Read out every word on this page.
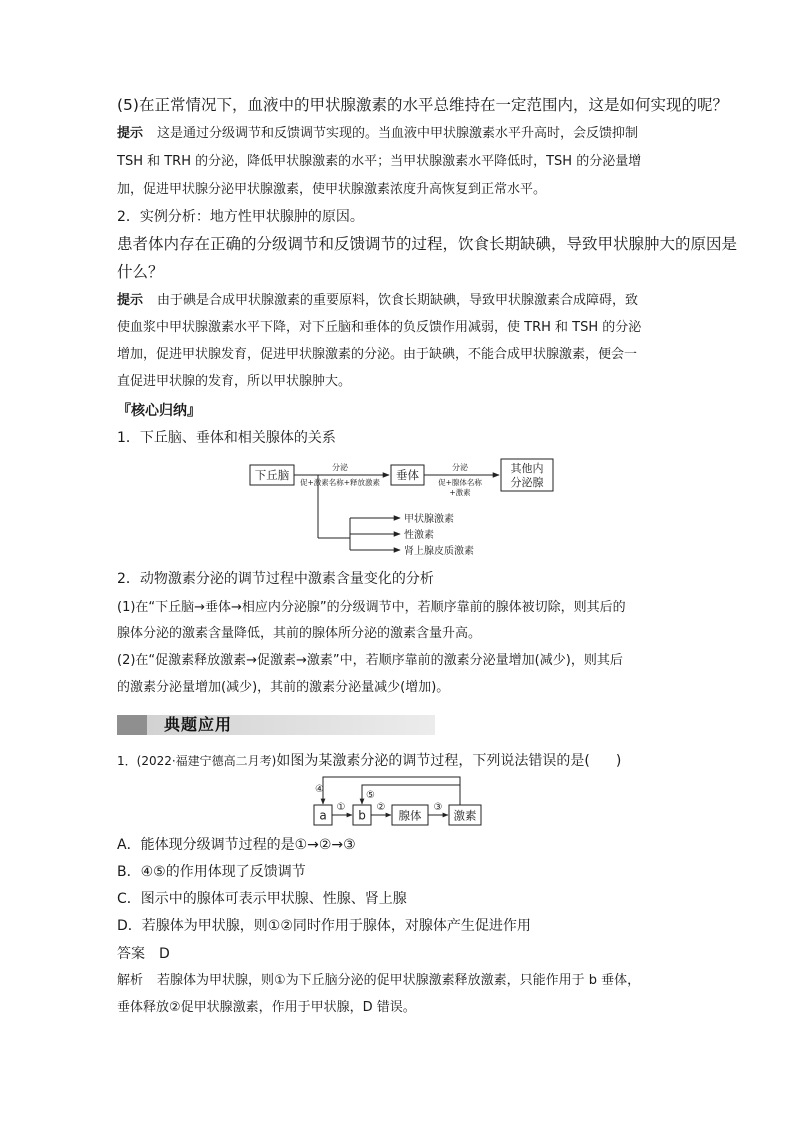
(5)在正常情况下，血液中的甲状腺激素的水平总维持在一定范围内，这是如何实现的呢？
提示 这是通过分级调节和反馈调节实现的。当血液中甲状腺激素水平升高时，会反馈抑制
TSH 和 TRH 的分泌，降低甲状腺激素的水平；当甲状腺激素水平降低时，TSH 的分泌量增
加，促进甲状腺分泌甲状腺激素，使甲状腺激素浓度升高恢复到正常水平。
2．实例分析：地方性甲状腺肿的原因。
患者体内存在正确的分级调节和反馈调节的过程，饮食长期缺碘，导致甲状腺肿大的原因是
什么？
提示 由于碘是合成甲状腺激素的重要原料，饮食长期缺碘，导致甲状腺激素合成障碍，致
使血浆中甲状腺激素水平下降，对下丘脑和垂体的负反馈作用减弱，使 TRH 和 TSH 的分泌
增加，促进甲状腺发育，促进甲状腺激素的分泌。由于缺碘，不能合成甲状腺激素，便会一
直促进甲状腺的发育，所以甲状腺肿大。
『核心归纳』
1．下丘脑、垂体和相关腺体的关系
下丘脑
分泌
促+激素名称+释放激素
垂体
分泌
促+腺体名称
+激素
其他内
分泌腺
甲状腺激素
性激素
肾上腺皮质激素
2．动物激素分泌的调节过程中激素含量变化的分析
(1)在“下丘脑→垂体→相应内分泌腺”的分级调节中，若顺序靠前的腺体被切除，则其后的
腺体分泌的激素含量降低，其前的腺体所分泌的激素含量升高。
(2)在“促激素释放激素→促激素→激素”中，若顺序靠前的激素分泌量增加(减少)，则其后
的激素分泌量增加(减少)，其前的激素分泌量减少(增加)。
典题应用
1．(2022·福建宁德高二月考)如图为某激素分泌的调节过程，下列说法错误的是( )
a	b	腺体	激素
①	②	③
④
⑤
A．能体现分级调节过程的是①→②→③
B．④⑤的作用体现了反馈调节
C．图示中的腺体可表示甲状腺、性腺、肾上腺
D．若腺体为甲状腺，则①②同时作用于腺体，对腺体产生促进作用
答案 D
解析 若腺体为甲状腺，则①为下丘脑分泌的促甲状腺激素释放激素，只能作用于 b 垂体，
垂体释放②促甲状腺激素，作用于甲状腺，D 错误。
